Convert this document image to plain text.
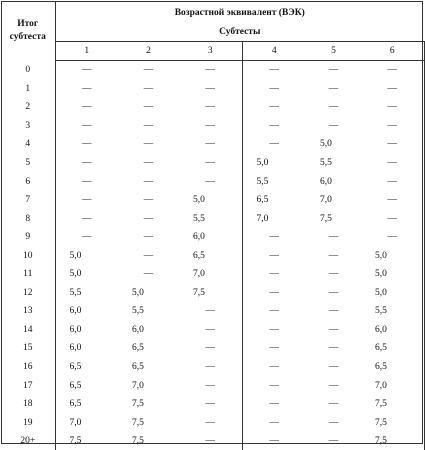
Итог субтеста	Возрастной эквивалент (ВЭК)					
	Субтесты					
	1	2	3	4	5	6
0	—	—	—	—	—	—
1	—	—	—	—	—	—
2	—	—	—	—	—	—
3	—	—	—	—	—	—
4	—	—	—	—	5,0	—
5	—	—	—	5,0	5,5	—
6	—	—	—	5,5	6,0	—
7	—	—	5,0	6,5	7,0	—
8	—	—	5,5	7,0	7,5	—
9	—	—	6,0	—	—	—
10	5,0	—	6,5	—	—	5,0
11	5,0	—	7,0	—	—	5,0
12	5,5	5,0	7,5	—	—	5,0
13	6,0	5,5	—	—	—	5,5
14	6,0	6,0	—	—	—	6,0
15	6,0	6,5	—	—	—	6,5
16	6,5	6,5	—	—	—	6,5
17	6,5	7,0	—	—	—	7,0
18	6,5	7,5	—	—	—	7,5
19	7,0	7,5	—	—	—	7,5
20+	7,5	7,5	—	—	—	7,5
